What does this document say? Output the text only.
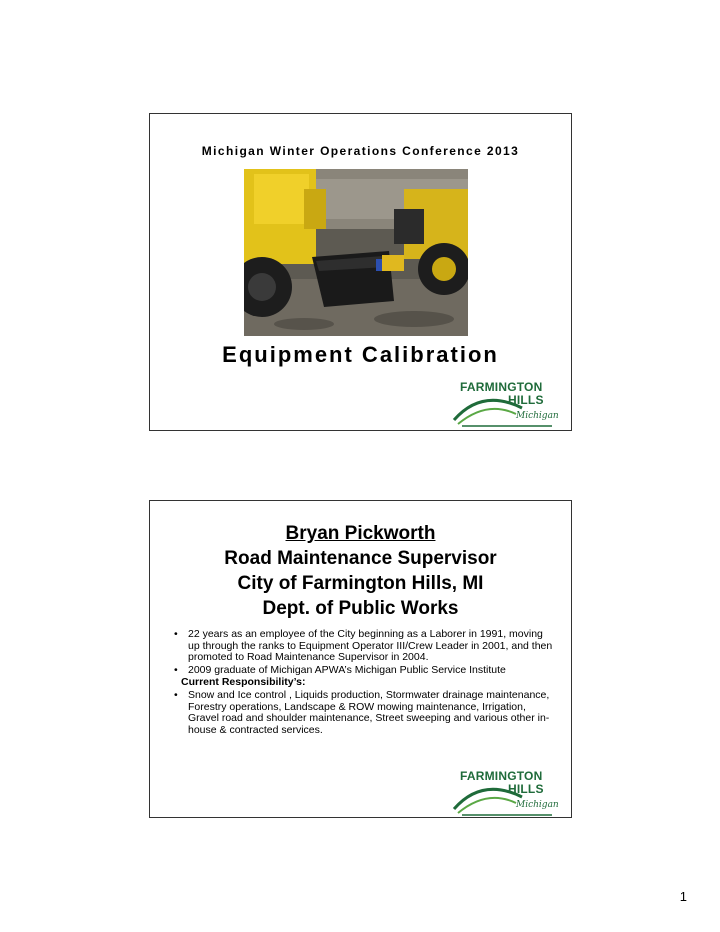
Michigan Winter Operations Conference 2013
Equipment Calibration
FARMINGTON
HILLS
Michigan
Bryan Pickworth
Road Maintenance Supervisor
City of Farmington Hills, MI
Dept. of Public Works
• 22 years as an employee of the City beginning as a Laborer in 1991, moving up through the ranks to Equipment Operator III/Crew Leader in 2001, and then promoted to Road Maintenance Supervisor in 2004.
• 2009 graduate of Michigan APWA’s Michigan Public Service Institute
Current Responsibility’s:
• Snow and Ice control , Liquids production, Stormwater drainage maintenance, Forestry operations, Landscape & ROW mowing maintenance, Irrigation, Gravel road and shoulder maintenance, Street sweeping and various other in-house & contracted services.
FARMINGTON
HILLS
Michigan
1
